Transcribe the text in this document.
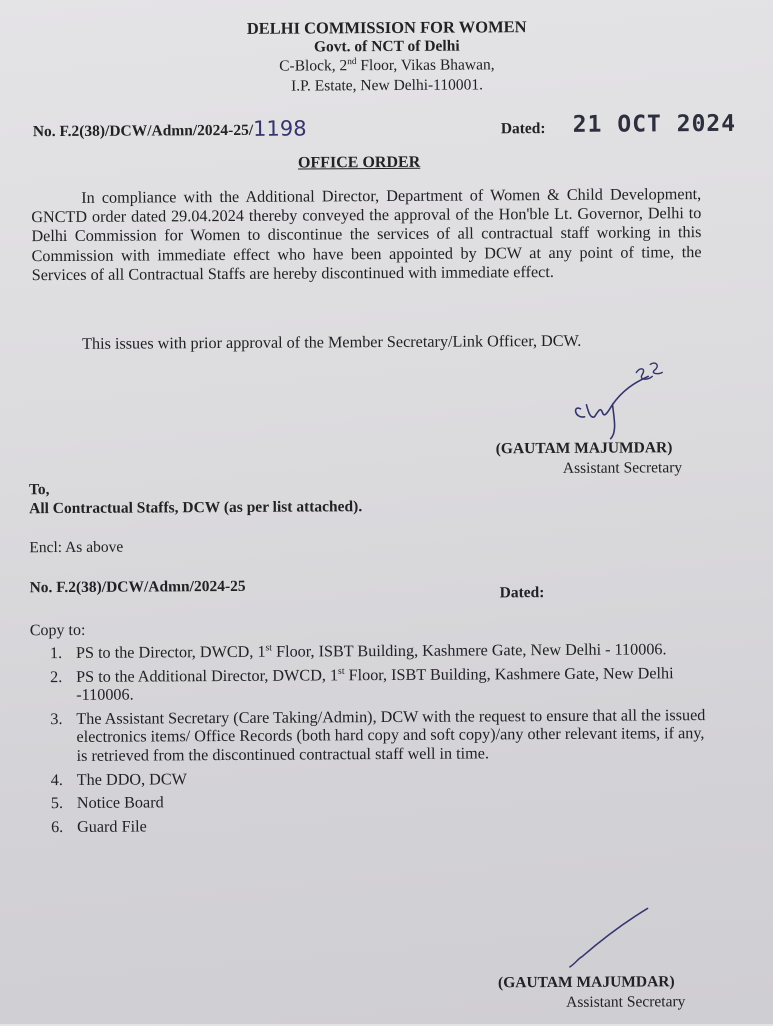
DELHI COMMISSION FOR WOMEN
Govt. of NCT of Delhi
C-Block, 2nd Floor, Vikas Bhawan,
I.P. Estate, New Delhi-110001.
No. F.2(38)/DCW/Admn/2024-25/1198	Dated: 21 OCT 2024
OFFICE ORDER

In compliance with the Additional Director, Department of Women & Child Development, GNCTD order dated 29.04.2024 thereby conveyed the approval of the Hon'ble Lt. Governor, Delhi to Delhi Commission for Women to discontinue the services of all contractual staff working in this Commission with immediate effect who have been appointed by DCW at any point of time, the Services of all Contractual Staffs are hereby discontinued with immediate effect.

This issues with prior approval of the Member Secretary/Link Officer, DCW.
(GAUTAM MAJUMDAR)
Assistant Secretary
To,
All Contractual Staffs, DCW (as per list attached).
Encl: As above
No. F.2(38)/DCW/Admn/2024-25	Dated:
Copy to:
1. PS to the Director, DWCD, 1st Floor, ISBT Building, Kashmere Gate, New Delhi - 110006.
2. PS to the Additional Director, DWCD, 1st Floor, ISBT Building, Kashmere Gate, New Delhi -110006.
3. The Assistant Secretary (Care Taking/Admin), DCW with the request to ensure that all the issued electronics items/ Office Records (both hard copy and soft copy)/any other relevant items, if any, is retrieved from the discontinued contractual staff well in time.
4. The DDO, DCW
5. Notice Board
6. Guard File
(GAUTAM MAJUMDAR)
Assistant Secretary
